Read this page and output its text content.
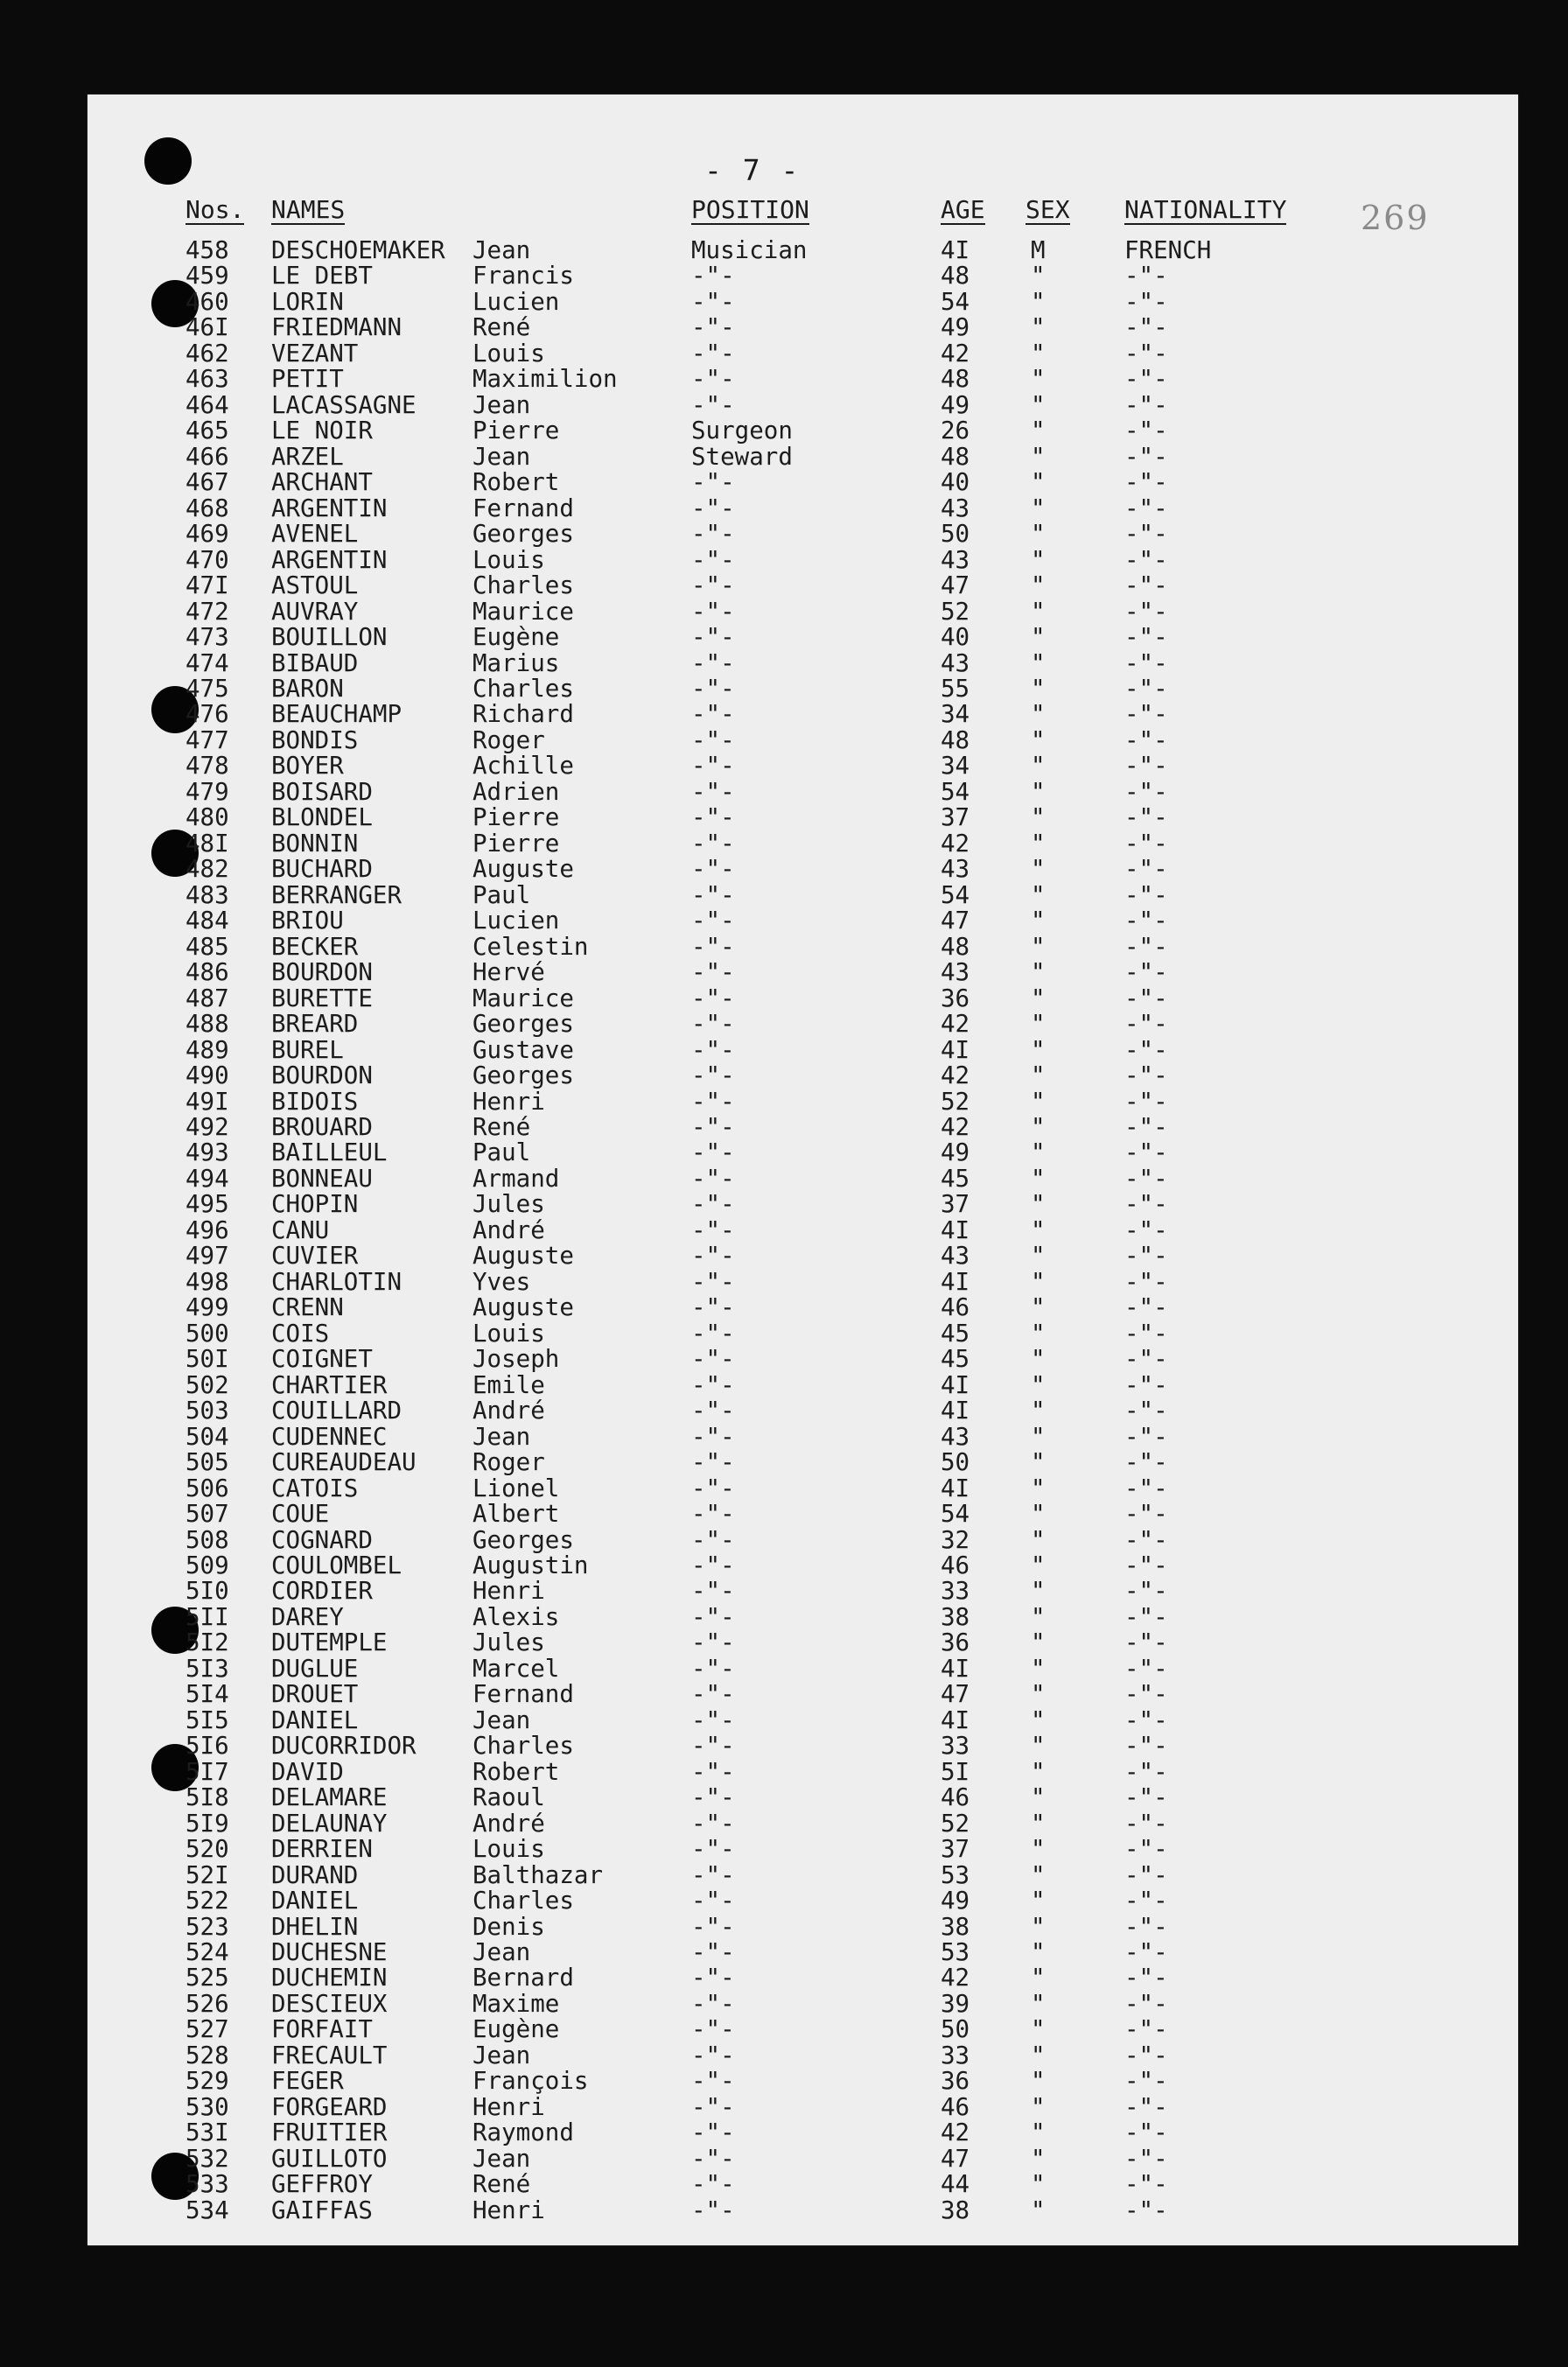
- 7 -
269
Nos. NAMES	POSITION	AGE SEX NATIONALITY
458 DESCHOEMAKER Jean	Musician	4I	M	FRENCH
459 LE DEBT	Francis	-"-	48	"	-"-
460 LORIN	Lucien	-"-	54	"	-"-
46I FRIEDMANN	René	-"-	49	"	-"-
462 VEZANT	Louis	-"-	42	"	-"-
463 PETIT	Maximilion	-"-	48	"	-"-
464 LACASSAGNE Jean	-"-	49	"	-"-
465 LE NOIR	Pierre	Surgeon	26	"	-"-
466 ARZEL	Jean	Steward	48	"	-"-
467 ARCHANT	Robert	-"-	40	"	-"-
468 ARGENTIN	Fernand	-"-	43	"	-"-
469 AVENEL	Georges	-"-	50	"	-"-
470 ARGENTIN	Louis	-"-	43	"	-"-
47I ASTOUL	Charles	-"-	47	"	-"-
472 AUVRAY	Maurice	-"-	52	"	-"-
473 BOUILLON	Eugène	-"-	40	"	-"-
474 BIBAUD	Marius	-"-	43	"	-"-
475 BARON	Charles	-"-	55	"	-"-
476 BEAUCHAMP	Richard	-"-	34	"	-"-
477 BONDIS	Roger	-"-	48	"	-"-
478 BOYER	Achille	-"-	34	"	-"-
479 BOISARD	Adrien	-"-	54	"	-"-
480 BLONDEL	Pierre	-"-	37	"	-"-
48I BONNIN	Pierre	-"-	42	"	-"-
482 BUCHARD	Auguste	-"-	43	"	-"-
483 BERRANGER	Paul	-"-	54	"	-"-
484 BRIOU	Lucien	-"-	47	"	-"-
485 BECKER	Celestin	-"-	48	"	-"-
486 BOURDON	Hervé	-"-	43	"	-"-
487 BURETTE	Maurice	-"-	36	"	-"-
488 BREARD	Georges	-"-	42	"	-"-
489 BUREL	Gustave	-"-	4I	"	-"-
490 BOURDON	Georges	-"-	42	"	-"-
49I BIDOIS	Henri	-"-	52	"	-"-
492 BROUARD	René	-"-	42	"	-"-
493 BAILLEUL	Paul	-"-	49	"	-"-
494 BONNEAU	Armand	-"-	45	"	-"-
495 CHOPIN	Jules	-"-	37	"	-"-
496 CANU	André	-"-	4I	"	-"-
497 CUVIER	Auguste	-"-	43	"	-"-
498 CHARLOTIN	Yves	-"-	4I	"	-"-
499 CRENN	Auguste	-"-	46	"	-"-
500 COIS	Louis	-"-	45	"	-"-
50I COIGNET	Joseph	-"-	45	"	-"-
502 CHARTIER	Emile	-"-	4I	"	-"-
503 COUILLARD	André	-"-	4I	"	-"-
504 CUDENNEC	Jean	-"-	43	"	-"-
505 CUREAUDEAU Roger	-"-	50	"	-"-
506 CATOIS	Lionel	-"-	4I	"	-"-
507 COUE	Albert	-"-	54	"	-"-
508 COGNARD	Georges	-"-	32	"	-"-
509 COULOMBEL	Augustin	-"-	46	"	-"-
5I0 CORDIER	Henri	-"-	33	"	-"-
5II DAREY	Alexis	-"-	38	"	-"-
5I2 DUTEMPLE	Jules	-"-	36	"	-"-
5I3 DUGLUE	Marcel	-"-	4I	"	-"-
5I4 DROUET	Fernand	-"-	47	"	-"-
5I5 DANIEL	Jean	-"-	4I	"	-"-
5I6 DUCORRIDOR Charles	-"-	33	"	-"-
5I7 DAVID	Robert	-"-	5I	"	-"-
5I8 DELAMARE	Raoul	-"-	46	"	-"-
5I9 DELAUNAY	André	-"-	52	"	-"-
520 DERRIEN	Louis	-"-	37	"	-"-
52I DURAND	Balthazar	-"-	53	"	-"-
522 DANIEL	Charles	-"-	49	"	-"-
523 DHELIN	Denis	-"-	38	"	-"-
524 DUCHESNE	Jean	-"-	53	"	-"-
525 DUCHEMIN	Bernard	-"-	42	"	-"-
526 DESCIEUX	Maxime	-"-	39	"	-"-
527 FORFAIT	Eugène	-"-	50	"	-"-
528 FRECAULT	Jean	-"-	33	"	-"-
529 FEGER	François	-"-	36	"	-"-
530 FORGEARD	Henri	-"-	46	"	-"-
53I FRUITIER	Raymond	-"-	42	"	-"-
532 GUILLOTO	Jean	-"-	47	"	-"-
533 GEFFROY	René	-"-	44	"	-"-
534 GAIFFAS	Henri	-"-	38	"	-"-
